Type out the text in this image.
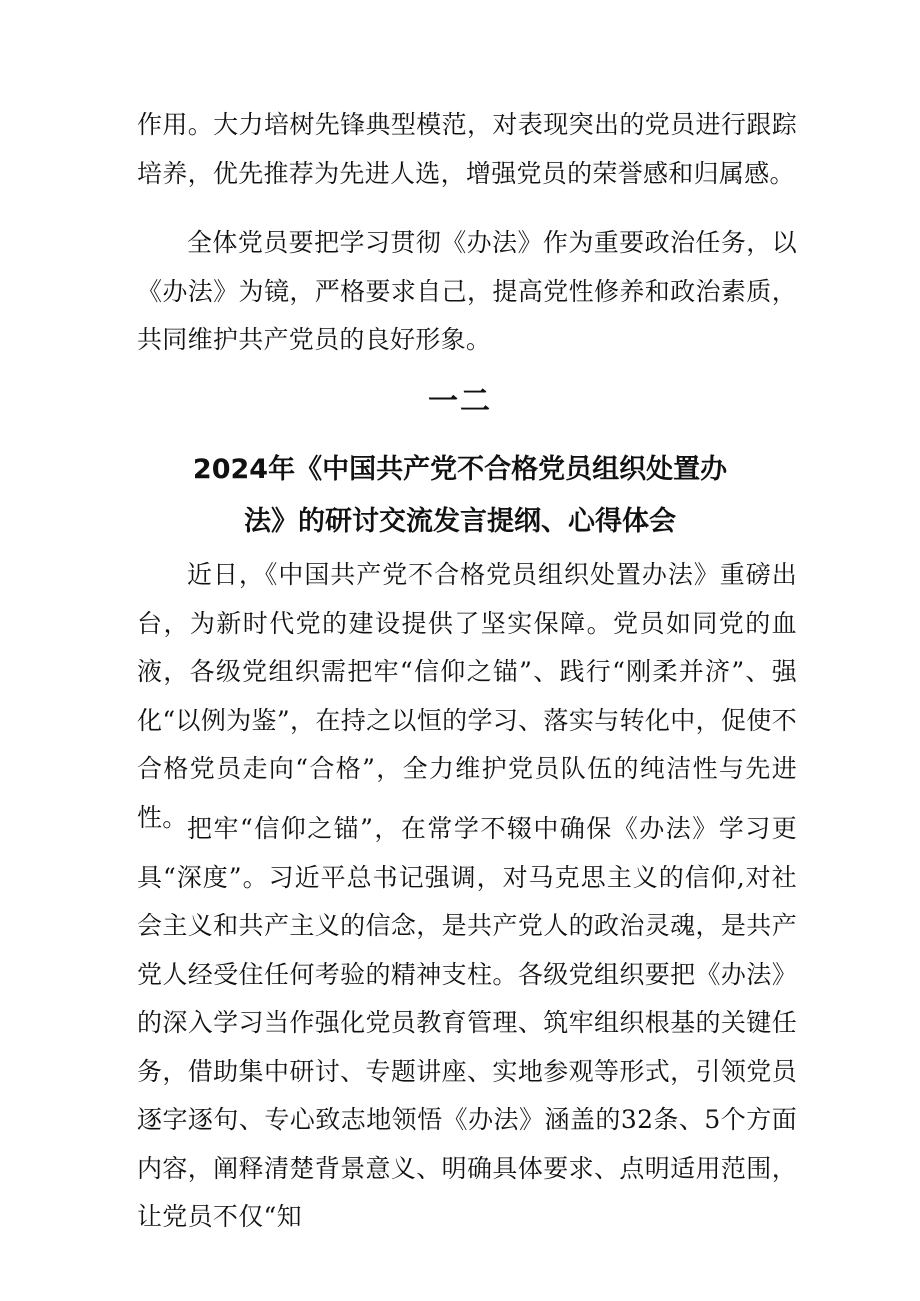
作用。大力培树先锋典型模范，对表现突出的党员进行跟踪培养，优先推荐为先进人选，增强党员的荣誉感和归属感。

全体党员要把学习贯彻《办法》作为重要政治任务，以《办法》为镜，严格要求自己，提高党性修养和政治素质，共同维护共产党员的良好形象。

一二
2024年《中国共产党不合格党员组织处置办法》的研讨交流发言提纲、心得体会

近日，《中国共产党不合格党员组织处置办法》重磅出台，为新时代党的建设提供了坚实保障。党员如同党的血液，各级党组织需把牢“信仰之锚”、践行“刚柔并济”、强化“以例为鉴”，在持之以恒的学习、落实与转化中，促使不合格党员走向“合格”，全力维护党员队伍的纯洁性与先进性。 把牢“信仰之锚”，在常学不辍中确保《办法》学习更具“深度”。习近平总书记强调，对马克思主义的信仰,对社会主义和共产主义的信念，是共产党人的政治灵魂，是共产党人经受住任何考验的精神支柱。各级党组织要把《办法》的深入学习当作强化党员教育管理、筑牢组织根基的关键任务，借助集中研讨、专题讲座、实地参观等形式，引领党员逐字逐句、专心致志地领悟《办法》涵盖的32条、5个方面内容，阐释清楚背景意义、明确具体要求、点明适用范围，让党员不仅“知
